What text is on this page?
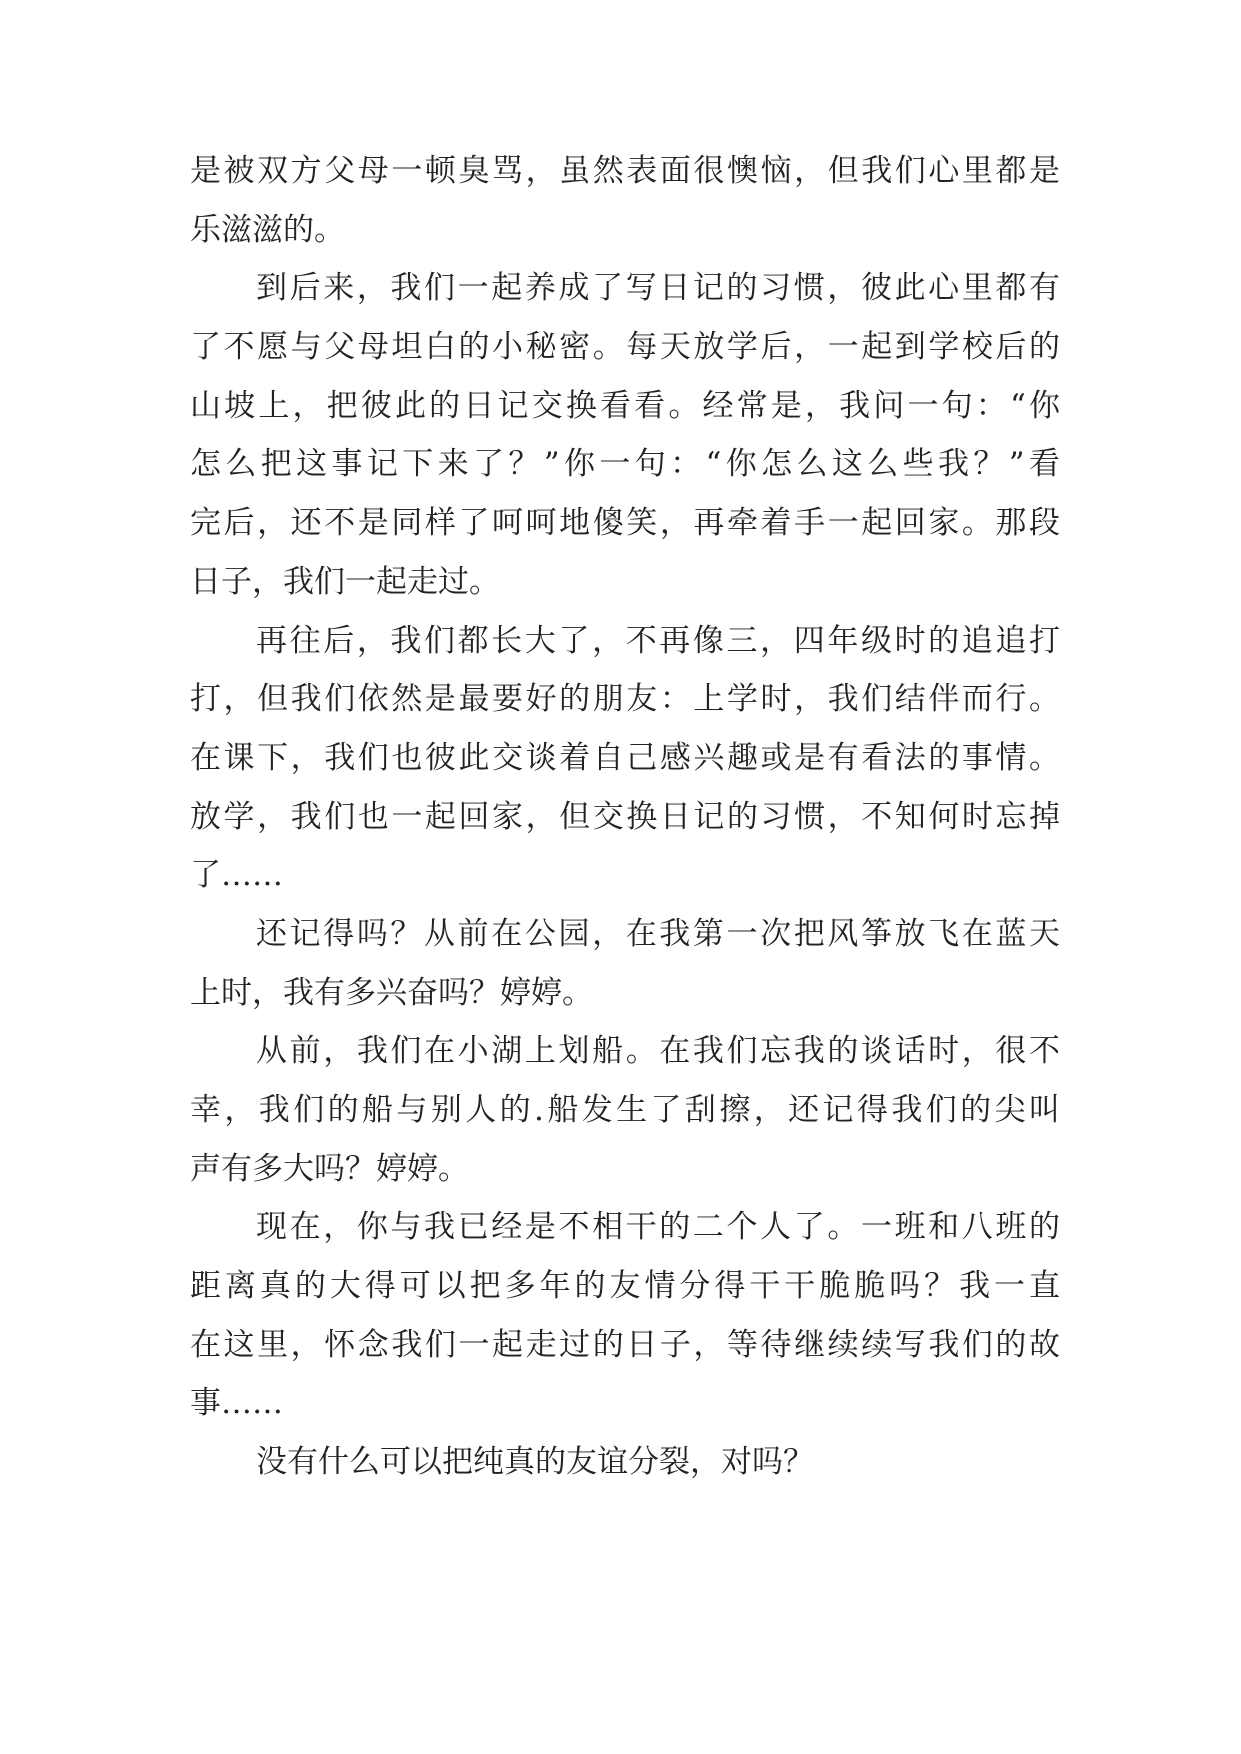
是被双方父母一顿臭骂，虽然表面很懊恼，但我们心里都是
乐滋滋的。
到后来，我们一起养成了写日记的习惯，彼此心里都有
了不愿与父母坦白的小秘密。每天放学后，一起到学校后的
山坡上，把彼此的日记交换看看。经常是，我问一句：“你
怎么把这事记下来了？”你一句：“你怎么这么些我？”看
完后，还不是同样了呵呵地傻笑，再牵着手一起回家。那段
日子，我们一起走过。
再往后，我们都长大了，不再像三，四年级时的追追打
打，但我们依然是最要好的朋友：上学时，我们结伴而行。
在课下，我们也彼此交谈着自己感兴趣或是有看法的事情。
放学，我们也一起回家，但交换日记的习惯，不知何时忘掉
了……
还记得吗？从前在公园，在我第一次把风筝放飞在蓝天
上时，我有多兴奋吗？婷婷。
从前，我们在小湖上划船。在我们忘我的谈话时，很不
幸，我们的船与别人的.船发生了刮擦，还记得我们的尖叫
声有多大吗？婷婷。
现在，你与我已经是不相干的二个人了。一班和八班的
距离真的大得可以把多年的友情分得干干脆脆吗？我一直
在这里，怀念我们一起走过的日子，等待继续续写我们的故
事……
没有什么可以把纯真的友谊分裂，对吗？
